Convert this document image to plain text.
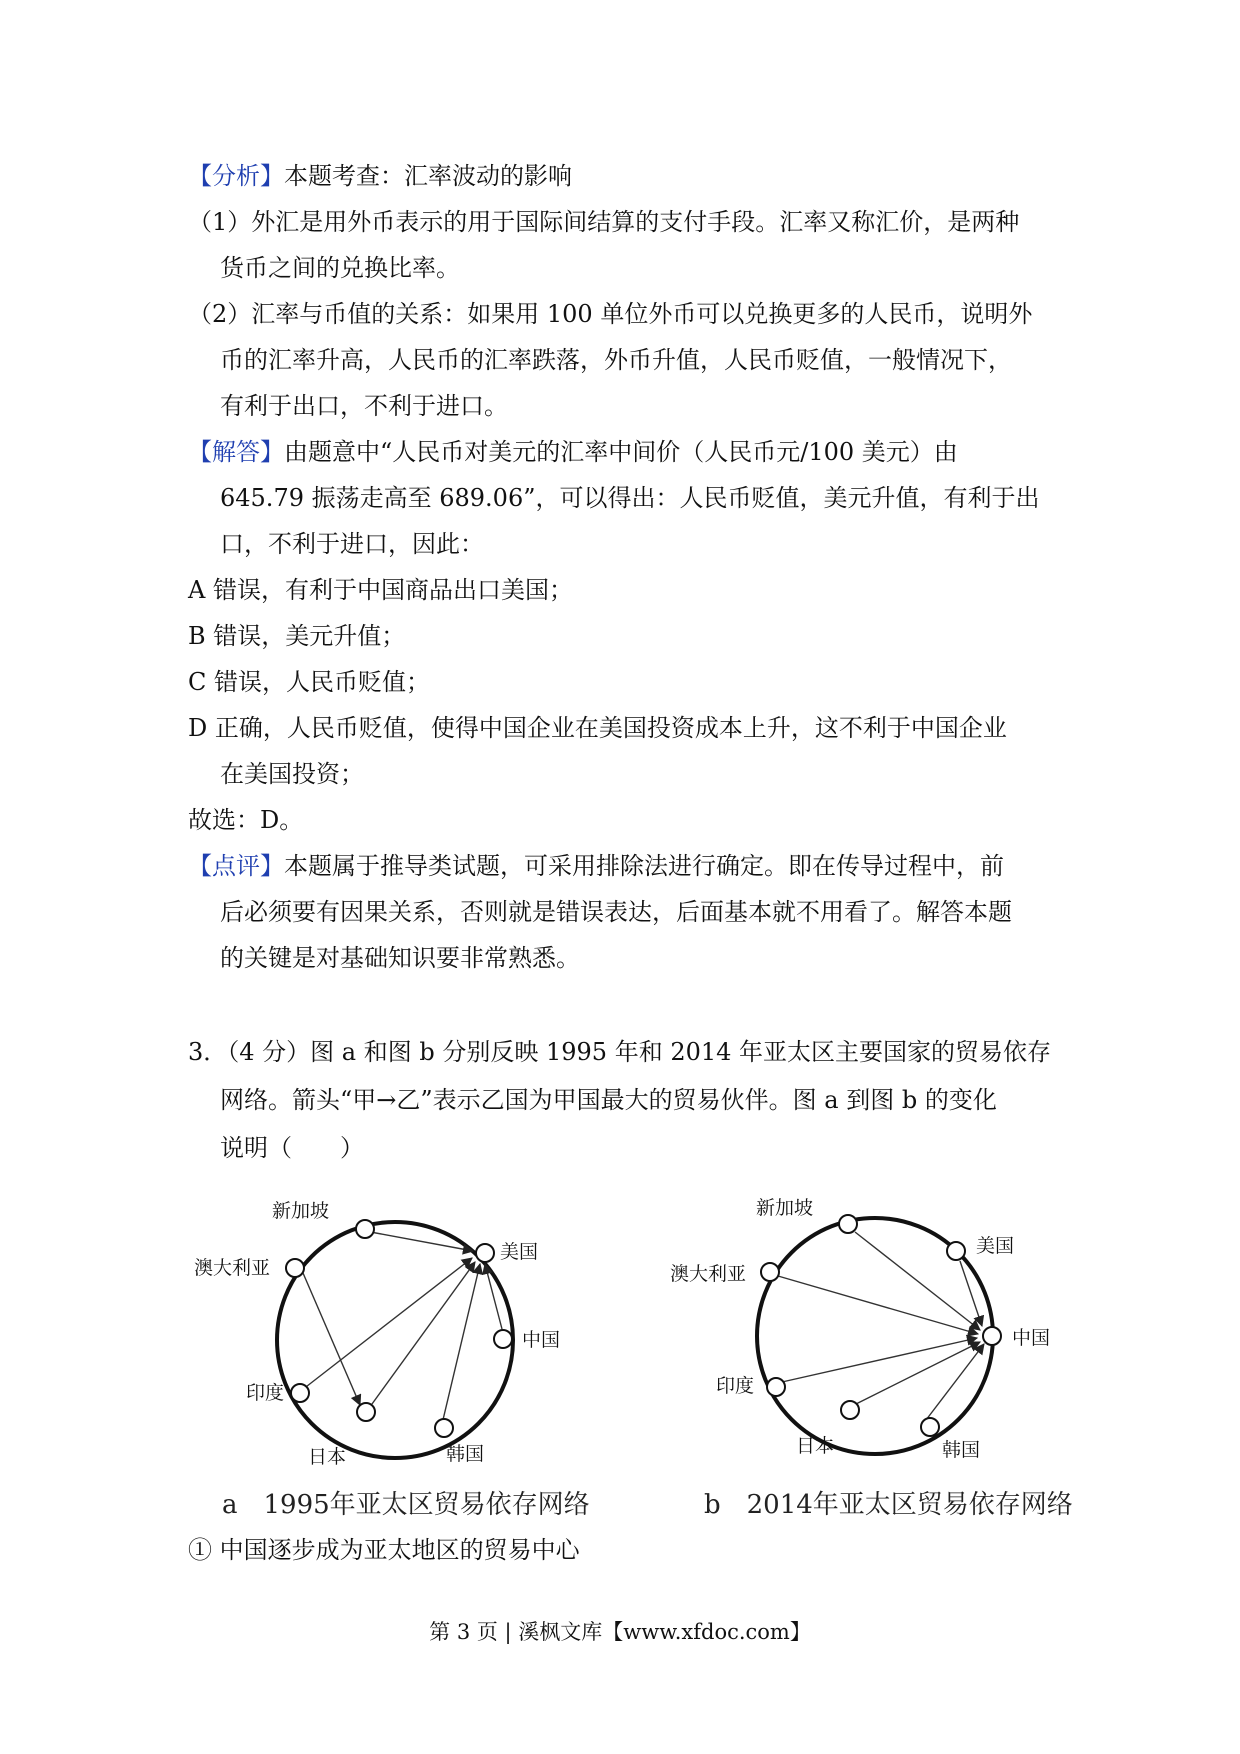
【分析】本题考查：汇率波动的影响
（1）外汇是用外币表示的用于国际间结算的支付手段。汇率又称汇价，是两种
货币之间的兑换比率。
（2）汇率与币值的关系：如果用 100 单位外币可以兑换更多的人民币，说明外
币的汇率升高，人民币的汇率跌落，外币升值，人民币贬值，一般情况下，
有利于出口，不利于进口。
【解答】由题意中“人民币对美元的汇率中间价（人民币元/100 美元）由
645.79 振荡走高至 689.06”，可以得出：人民币贬值，美元升值，有利于出
口，不利于进口，因此：
A 错误，有利于中国商品出口美国；
B 错误，美元升值；
C 错误，人民币贬值；
D 正确，人民币贬值，使得中国企业在美国投资成本上升，这不利于中国企业
在美国投资；
故选：D。
【点评】本题属于推导类试题，可采用排除法进行确定。即在传导过程中，前
后必须要有因果关系，否则就是错误表达，后面基本就不用看了。解答本题
的关键是对基础知识要非常熟悉。
3．（4 分）图 a 和图 b 分别反映 1995 年和 2014 年亚太区主要国家的贸易依存
网络。箭头“甲→乙”表示乙国为甲国最大的贸易伙伴。图 a 到图 b 的变化
说明（　　）
新加坡
美国
澳大利亚
中国
印度
韩国
日本
a　1995年亚太区贸易依存网络
新加坡
美国
澳大利亚
中国
印度
韩国
日本
b　2014年亚太区贸易依存网络
① 中国逐步成为亚太地区的贸易中心
第 3 页 | 溪枫文库【www.xfdoc.com】
